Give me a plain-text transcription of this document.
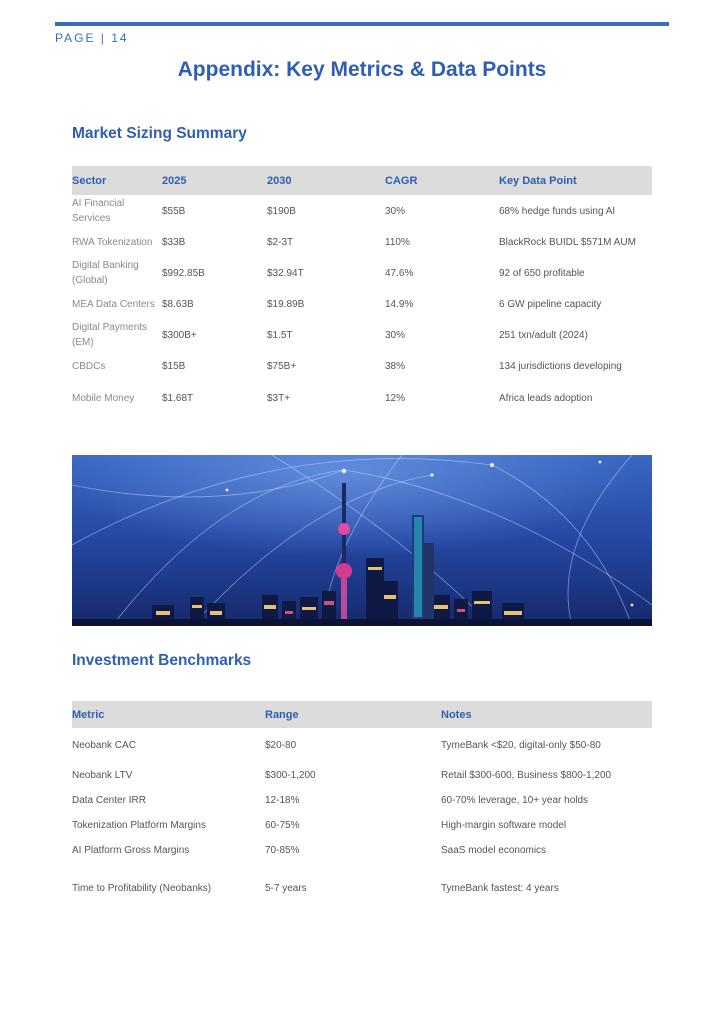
PAGE | 14
Appendix: Key Metrics & Data Points
Market Sizing Summary
Sector	2025	2030	CAGR	Key Data Point
AI Financial Services	$55B	$190B	30%	68% hedge funds using AI
RWA Tokenization	$33B	$2-3T	110%	BlackRock BUIDL $571M AUM
Digital Banking (Global)	$992.85B	$32.94T	47.6%	92 of 650 profitable
MEA Data Centers	$8.63B	$19.89B	14.9%	6 GW pipeline capacity
Digital Payments (EM)	$300B+	$1.5T	30%	251 txn/adult (2024)
CBDCs	$15B	$75B+	38%	134 jurisdictions developing
Mobile Money	$1.68T	$3T+	12%	Africa leads adoption
Investment Benchmarks
Metric	Range	Notes
Neobank CAC	$20-80	TymeBank <$20, digital-only $50-80
Neobank LTV	$300-1,200	Retail $300-600, Business $800-1,200
Data Center IRR	12-18%	60-70% leverage, 10+ year holds
Tokenization Platform Margins	60-75%	High-margin software model
AI Platform Gross Margins	70-85%	SaaS model economics
Time to Profitability (Neobanks)	5-7 years	TymeBank fastest: 4 years
